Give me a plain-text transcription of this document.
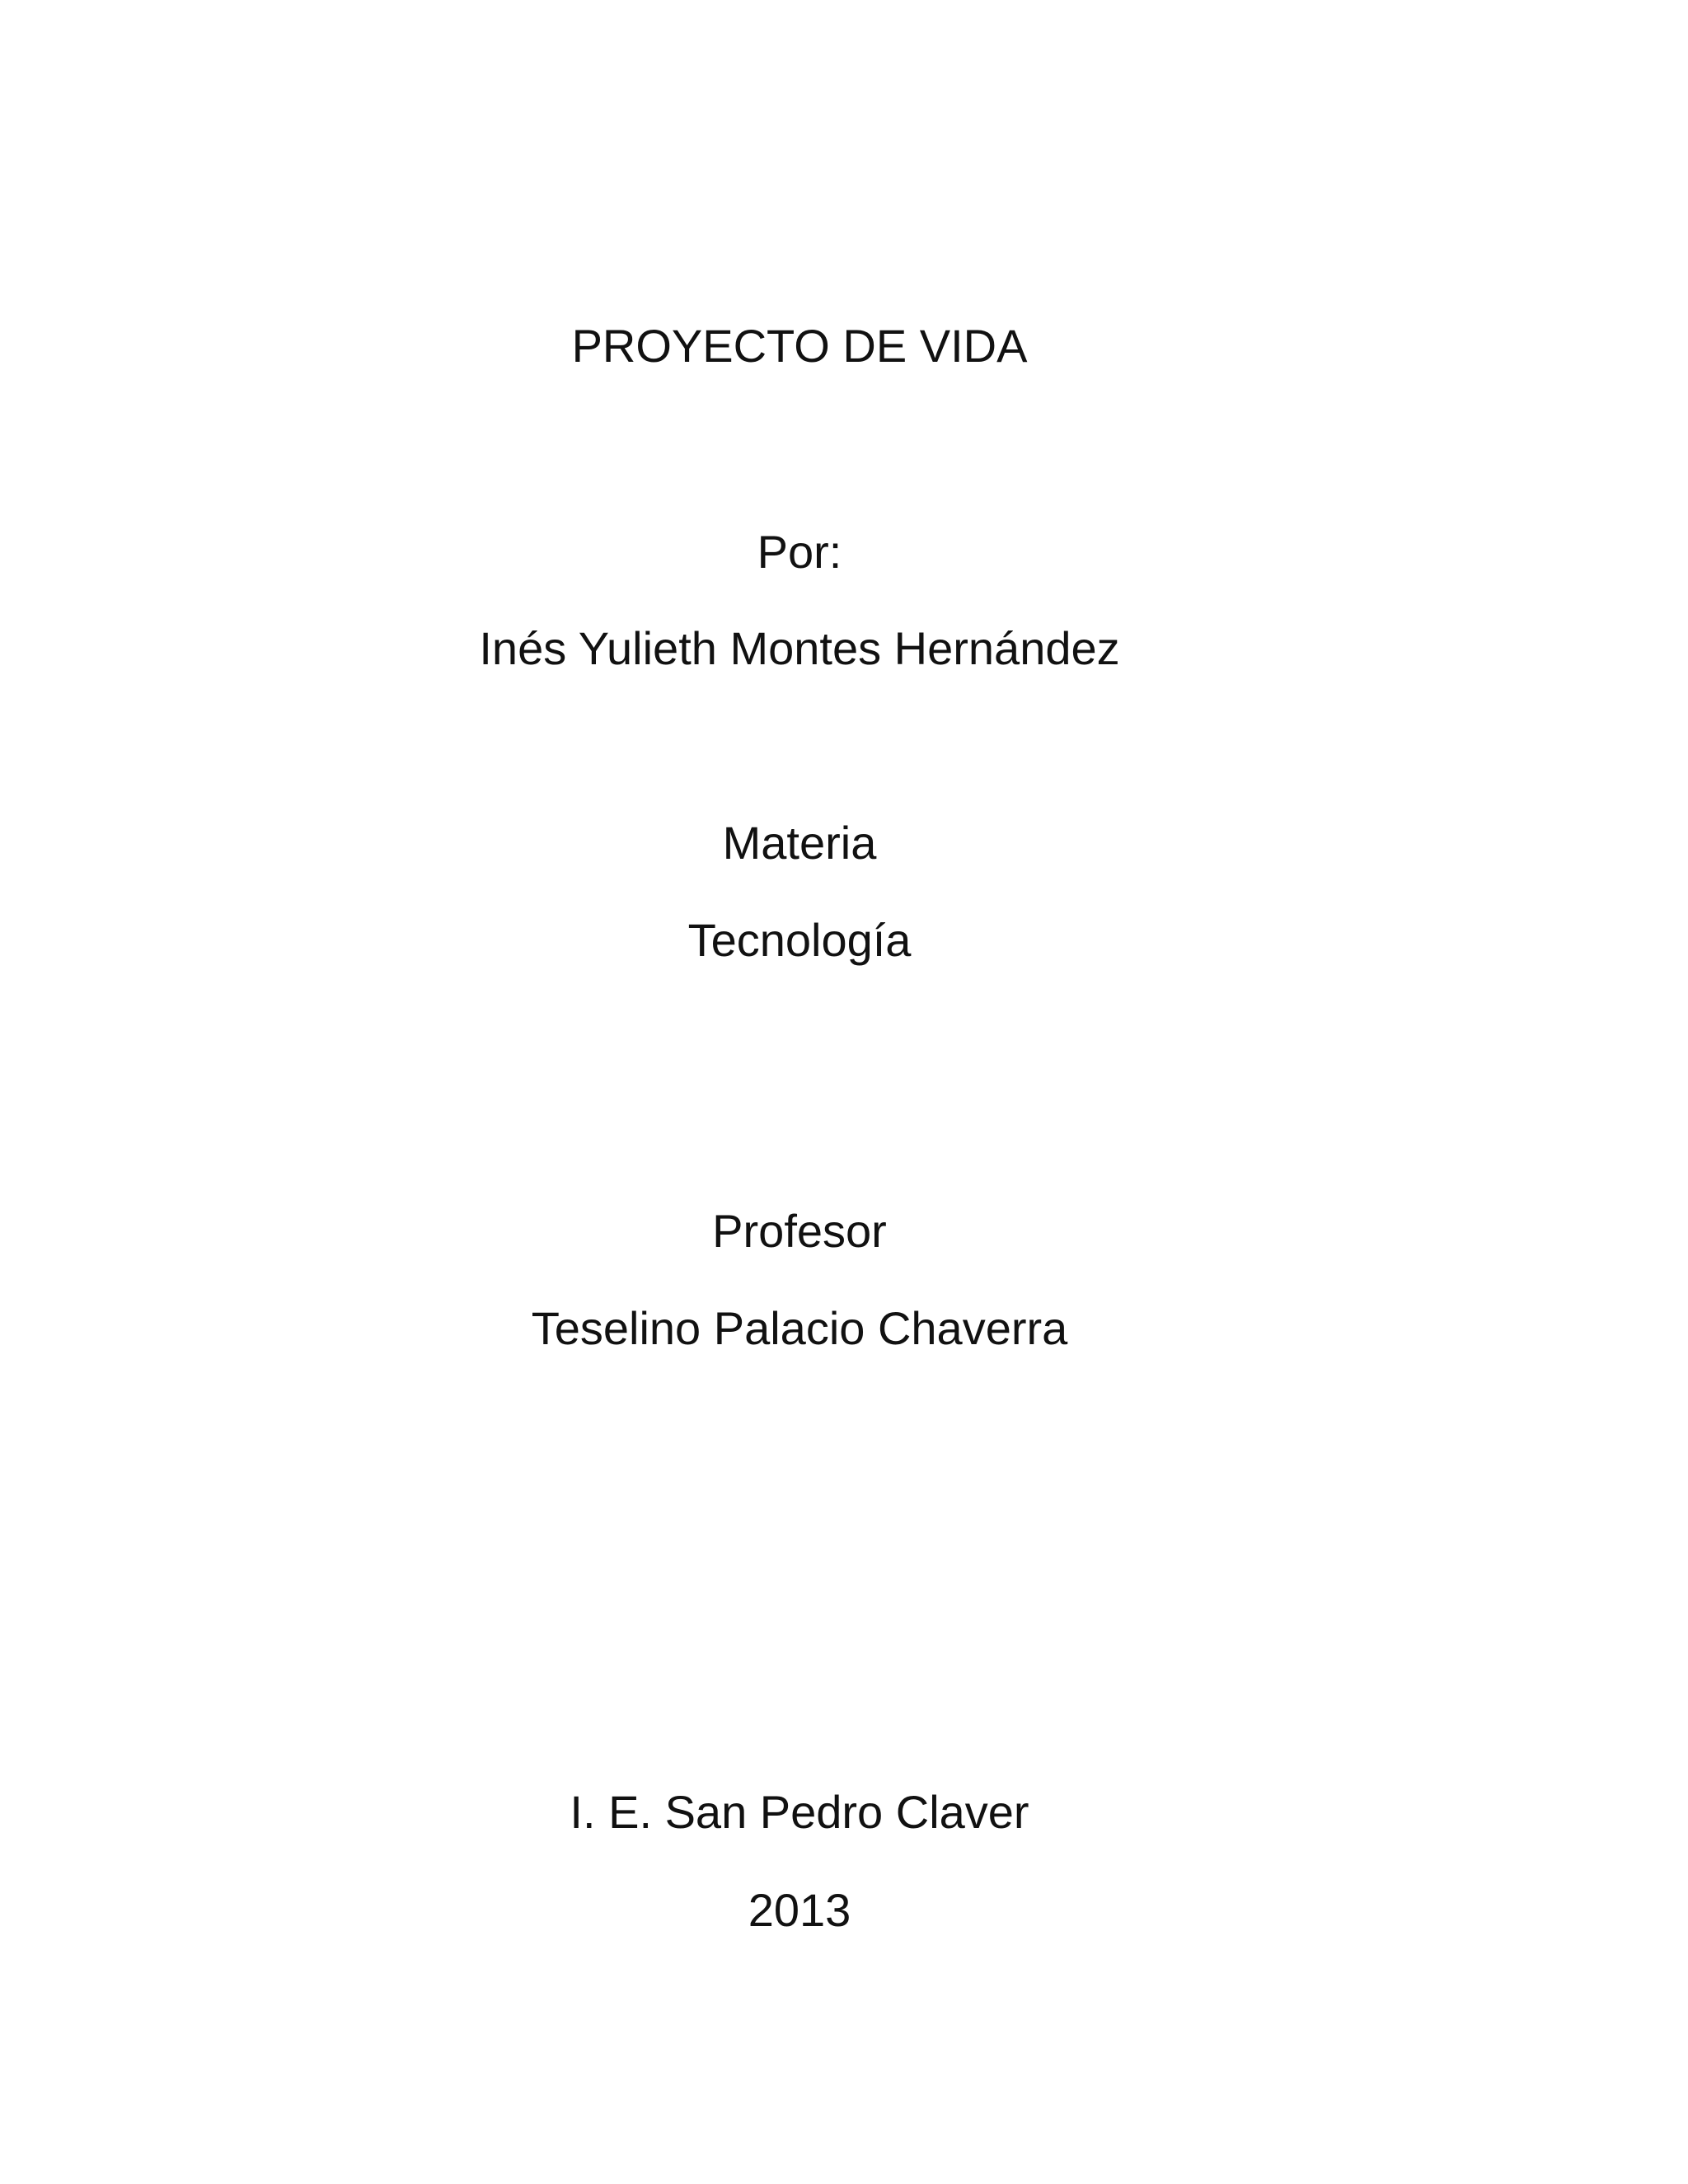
PROYECTO DE VIDA
Por:
Inés Yulieth Montes Hernández
Materia
Tecnología
Profesor
Teselino Palacio Chaverra
I. E. San Pedro Claver
2013
